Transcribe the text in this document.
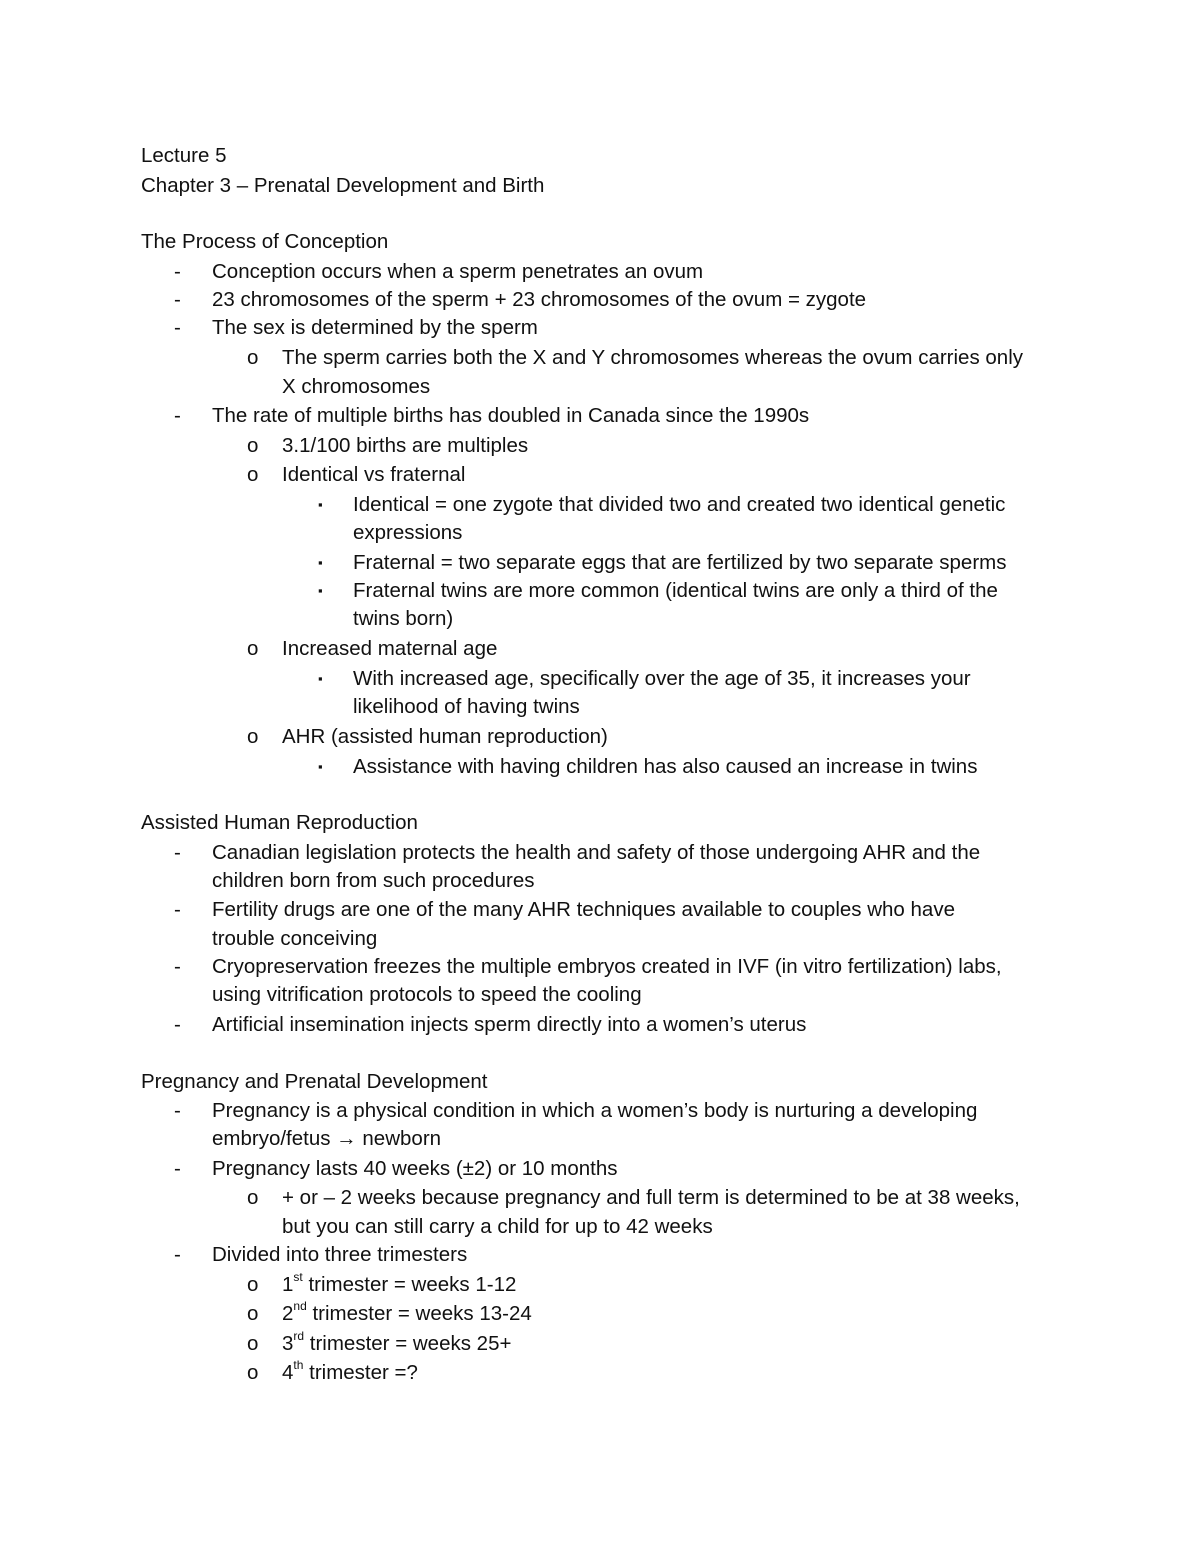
Lecture 5
Chapter 3 – Prenatal Development and Birth
The Process of Conception
- Conception occurs when a sperm penetrates an ovum
- 23 chromosomes of the sperm + 23 chromosomes of the ovum = zygote
- The sex is determined by the sperm
o The sperm carries both the X and Y chromosomes whereas the ovum carries only
X chromosomes
- The rate of multiple births has doubled in Canada since the 1990s
o 3.1/100 births are multiples
o Identical vs fraternal
▪ Identical = one zygote that divided two and created two identical genetic
expressions
▪ Fraternal = two separate eggs that are fertilized by two separate sperms
▪ Fraternal twins are more common (identical twins are only a third of the
twins born)
o Increased maternal age
▪ With increased age, specifically over the age of 35, it increases your
likelihood of having twins
o AHR (assisted human reproduction)
▪ Assistance with having children has also caused an increase in twins
Assisted Human Reproduction
- Canadian legislation protects the health and safety of those undergoing AHR and the
children born from such procedures
- Fertility drugs are one of the many AHR techniques available to couples who have
trouble conceiving
- Cryopreservation freezes the multiple embryos created in IVF (in vitro fertilization) labs,
using vitrification protocols to speed the cooling
- Artificial insemination injects sperm directly into a women’s uterus
Pregnancy and Prenatal Development
- Pregnancy is a physical condition in which a women’s body is nurturing a developing
embryo/fetus → newborn
- Pregnancy lasts 40 weeks (±2) or 10 months
o + or – 2 weeks because pregnancy and full term is determined to be at 38 weeks,
but you can still carry a child for up to 42 weeks
- Divided into three trimesters
o 1st trimester = weeks 1-12
o 2nd trimester = weeks 13-24
o 3rd trimester = weeks 25+
o 4th trimester =?
